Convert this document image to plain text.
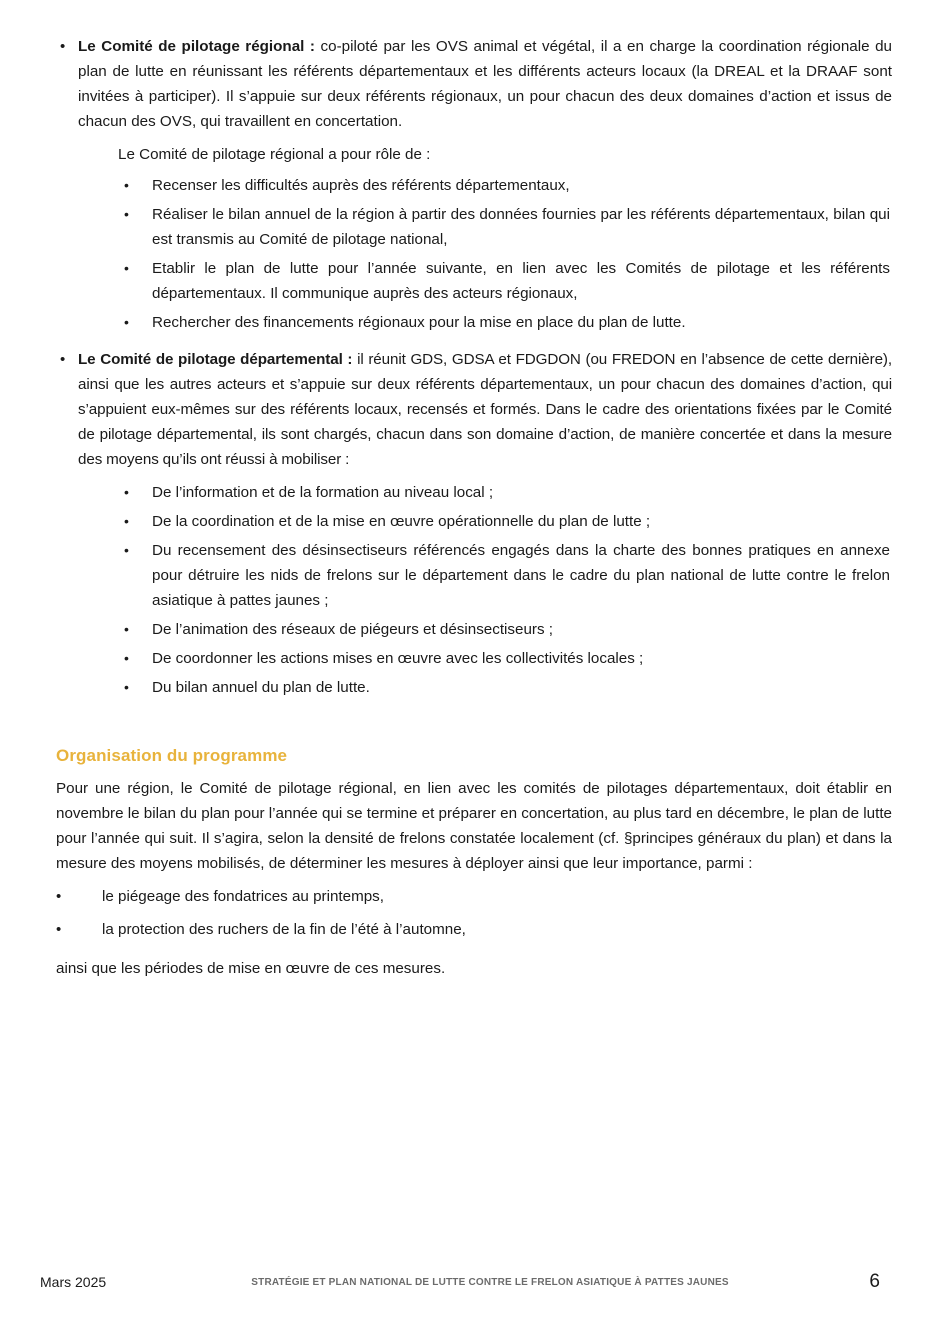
• Le Comité de pilotage régional : co-piloté par les OVS animal et végétal, il a en charge la coordination régionale du plan de lutte en réunissant les référents départementaux et les différents acteurs locaux (la DREAL et la DRAAF sont invitées à participer). Il s’appuie sur deux référents régionaux, un pour chacun des deux domaines d’action et issus de chacun des OVS, qui travaillent en concertation.
Le Comité de pilotage régional a pour rôle de :
•	Recenser les difficultés auprès des référents départementaux,
•	Réaliser le bilan annuel de la région à partir des données fournies par les référents départementaux, bilan qui est transmis au Comité de pilotage national,
•	Etablir le plan de lutte pour l’année suivante, en lien avec les Comités de pilotage et les référents départementaux. Il communique auprès des acteurs régionaux,
•	Rechercher des financements régionaux pour la mise en place du plan de lutte.
• Le Comité de pilotage départemental : il réunit GDS, GDSA et FDGDON (ou FREDON en l’absence de cette dernière), ainsi que les autres acteurs et s’appuie sur deux référents départementaux, un pour chacun des domaines d’action, qui s’appuient eux-mêmes sur des référents locaux, recensés et formés. Dans le cadre des orientations fixées par le Comité de pilotage départemental, ils sont chargés, chacun dans son domaine d’action, de manière concertée et dans la mesure des moyens qu’ils ont réussi à mobiliser :
•	De l’information et de la formation au niveau local ;
•	De la coordination et de la mise en œuvre opérationnelle du plan de lutte ;
•	Du recensement des désinsectiseurs référencés engagés dans la charte des bonnes pratiques en annexe pour détruire les nids de frelons sur le département dans le cadre du plan national de lutte contre le frelon asiatique à pattes jaunes ;
•	De l’animation des réseaux de piégeurs et désinsectiseurs ;
•	De coordonner les actions mises en œuvre avec les collectivités locales ;
•	Du bilan annuel du plan de lutte.
Organisation du programme
Pour une région, le Comité de pilotage régional, en lien avec les comités de pilotages départementaux, doit établir en novembre le bilan du plan pour l’année qui se termine et préparer en concertation, au plus tard en décembre, le plan de lutte pour l’année qui suit. Il s’agira, selon la densité de frelons constatée localement (cf. §principes généraux du plan) et dans la mesure des moyens mobilisés, de déterminer les mesures à déployer ainsi que leur importance, parmi :
•	le piégeage des fondatrices au printemps,
•	la protection des ruchers de la fin de l’été à l’automne,
ainsi que les périodes de mise en œuvre de ces mesures.
Mars 2025	STRATÉGIE ET PLAN NATIONAL DE LUTTE CONTRE LE FRELON ASIATIQUE À PATTES JAUNES	6
